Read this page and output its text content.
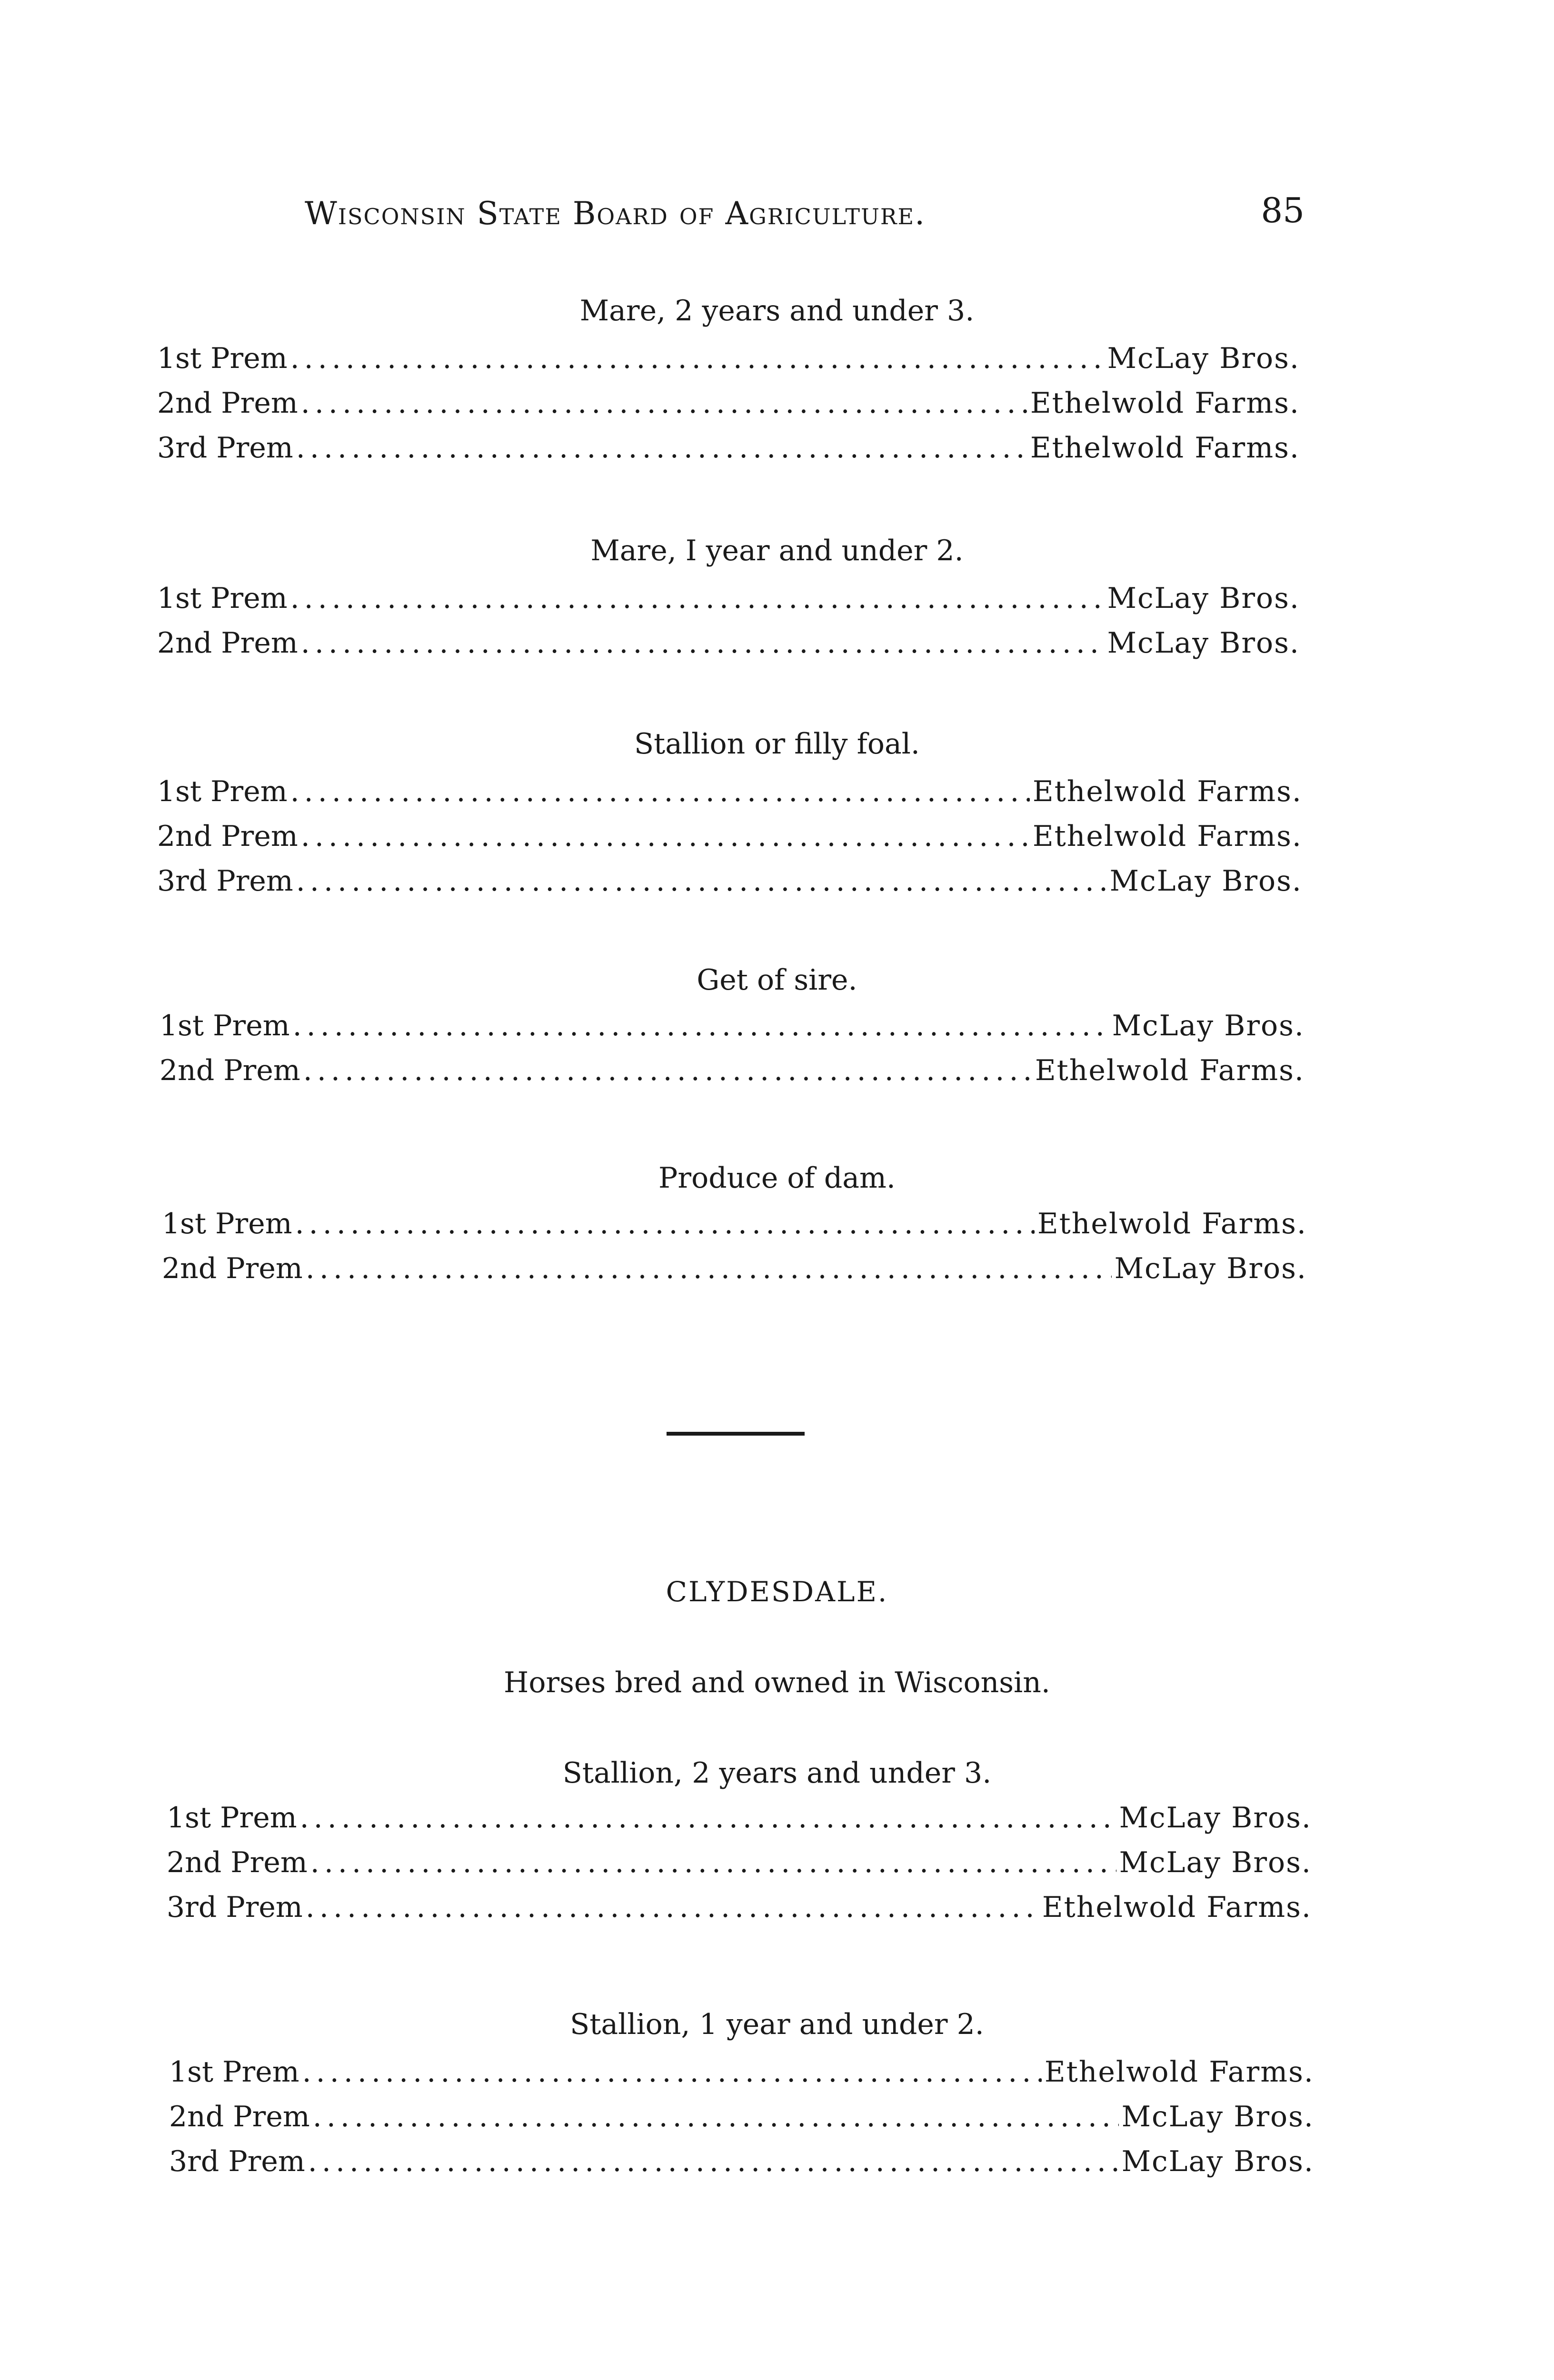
Wisconsin State Board of Agriculture.	85
Mare, 2 years and under 3.
1st Prem .....	McLay Bros.
2nd Prem .....	Ethelwold Farms.
3rd Prem .....	Ethelwold Farms.
Mare, I year and under 2.
1st Prem .....	McLay Bros.
2nd Prem .....	McLay Bros.
Stallion or filly foal.
1st Prem .....	Ethelwold Farms.
2nd Prem .....	Ethelwold Farms.
3rd Prem .....	McLay Bros.
Get of sire.
1st Prem .....	McLay Bros.
2nd Prem .....	Ethelwold Farms.
Produce of dam.
1st Prem .....	Ethelwold Farms.
2nd Prem .....	McLay Bros.
CLYDESDALE.
Horses bred and owned in Wisconsin.
Stallion, 2 years and under 3.
1st Prem .....	McLay Bros.
2nd Prem .....	McLay Bros.
3rd Prem .....	Ethelwold Farms.
Stallion, 1 year and under 2.
1st Prem .....	Ethelwold Farms.
2nd Prem .....	McLay Bros.
3rd Prem .....	McLay Bros.
